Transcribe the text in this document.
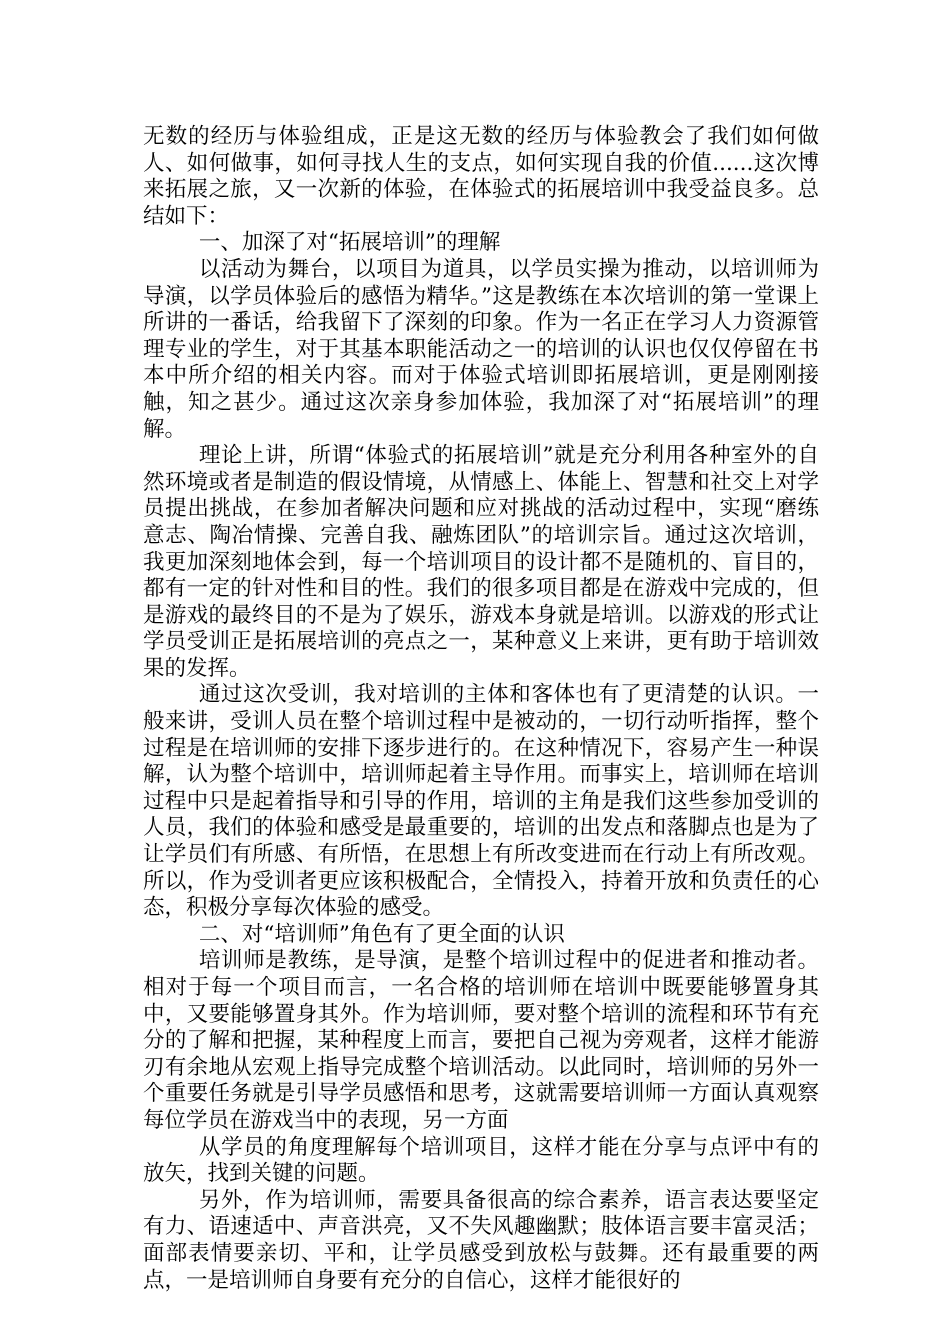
无数的经历与体验组成，正是这无数的经历与体验教会了我们如何做人、如何做事，如何寻找人生的支点，如何实现自我的价值......这次博来拓展之旅，又一次新的体验，在体验式的拓展培训中我受益良多。总结如下：

一、加深了对“拓展培训”的理解

以活动为舞台，以项目为道具，以学员实操为推动，以培训师为导演，以学员体验后的感悟为精华。”这是教练在本次培训的第一堂课上所讲的一番话，给我留下了深刻的印象。作为一名正在学习人力资源管理专业的学生，对于其基本职能活动之一的培训的认识也仅仅停留在书本中所介绍的相关内容。而对于体验式培训即拓展培训，更是刚刚接触，知之甚少。通过这次亲身参加体验，我加深了对“拓展培训”的理解。

理论上讲，所谓“体验式的拓展培训”就是充分利用各种室外的自然环境或者是制造的假设情境，从情感上、体能上、智慧和社交上对学员提出挑战，在参加者解决问题和应对挑战的活动过程中，实现“磨练意志、陶冶情操、完善自我、融炼团队”的培训宗旨。通过这次培训，我更加深刻地体会到，每一个培训项目的设计都不是随机的、盲目的，都有一定的针对性和目的性。我们的很多项目都是在游戏中完成的，但是游戏的最终目的不是为了娱乐，游戏本身就是培训。以游戏的形式让学员受训正是拓展培训的亮点之一，某种意义上来讲，更有助于培训效果的发挥。

通过这次受训，我对培训的主体和客体也有了更清楚的认识。一般来讲，受训人员在整个培训过程中是被动的，一切行动听指挥，整个过程是在培训师的安排下逐步进行的。在这种情况下，容易产生一种误解，认为整个培训中，培训师起着主导作用。而事实上，培训师在培训过程中只是起着指导和引导的作用，培训的主角是我们这些参加受训的人员，我们的体验和感受是最重要的，培训的出发点和落脚点也是为了让学员们有所感、有所悟，在思想上有所改变进而在行动上有所改观。所以，作为受训者更应该积极配合，全情投入，持着开放和负责任的心态，积极分享每次体验的感受。

二、对“培训师”角色有了更全面的认识

培训师是教练，是导演，是整个培训过程中的促进者和推动者。相对于每一个项目而言，一名合格的培训师在培训中既要能够置身其中，又要能够置身其外。作为培训师，要对整个培训的流程和环节有充分的了解和把握，某种程度上而言，要把自己视为旁观者，这样才能游刃有余地从宏观上指导完成整个培训活动。以此同时，培训师的另外一个重要任务就是引导学员感悟和思考，这就需要培训师一方面认真观察每位学员在游戏当中的表现，另一方面

从学员的角度理解每个培训项目，这样才能在分享与点评中有的放矢，找到关键的问题。

另外，作为培训师，需要具备很高的综合素养，语言表达要坚定有力、语速适中、声音洪亮，又不失风趣幽默；肢体语言要丰富灵活；面部表情要亲切、平和，让学员感受到放松与鼓舞。还有最重要的两点，一是培训师自身要有充分的自信心，这样才能很好的
